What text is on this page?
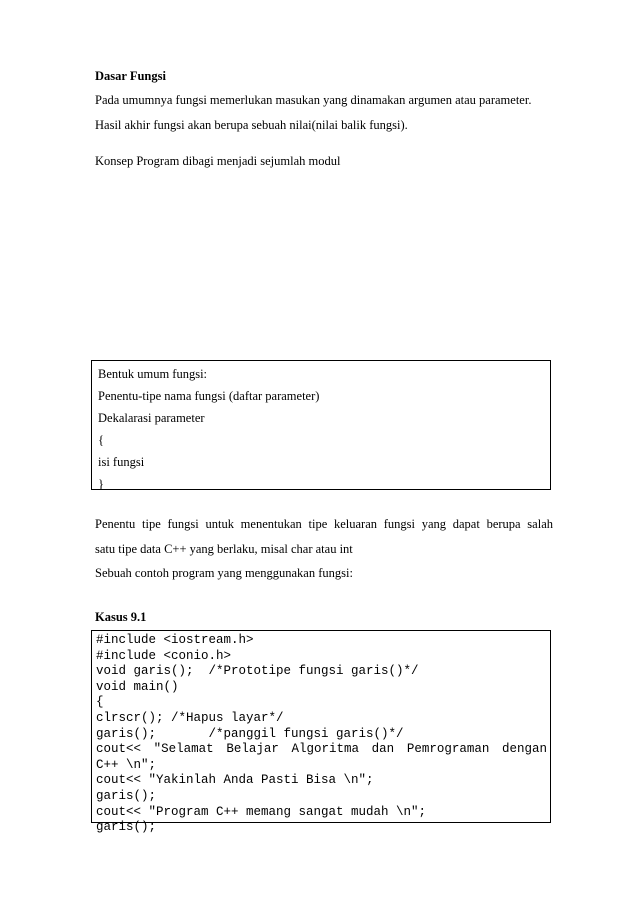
Dasar Fungsi

Pada umumnya fungsi memerlukan masukan yang dinamakan argumen atau parameter.

Hasil akhir fungsi akan berupa sebuah nilai(nilai balik fungsi).

Konsep Program dibagi menjadi sejumlah modul

Bentuk umum fungsi:

Penentu-tipe nama fungsi (daftar parameter)

Dekalarasi parameter

{

isi fungsi

}

Penentu tipe fungsi untuk menentukan tipe keluaran fungsi yang dapat berupa salah

satu tipe data C++ yang berlaku, misal char atau int

Sebuah contoh program yang menggunakan fungsi:

Kasus 9.1
#include <iostream.h>
#include <conio.h>
void garis();  /*Prototipe fungsi garis()*/
void main()
{
clrscr(); /*Hapus layar*/
garis();       /*panggil fungsi garis()*/
cout<< "Selamat Belajar Algoritma dan Pemrograman dengan
C++ \n";
cout<< "Yakinlah Anda Pasti Bisa \n";
garis();
cout<< "Program C++ memang sangat mudah \n";
garis();
